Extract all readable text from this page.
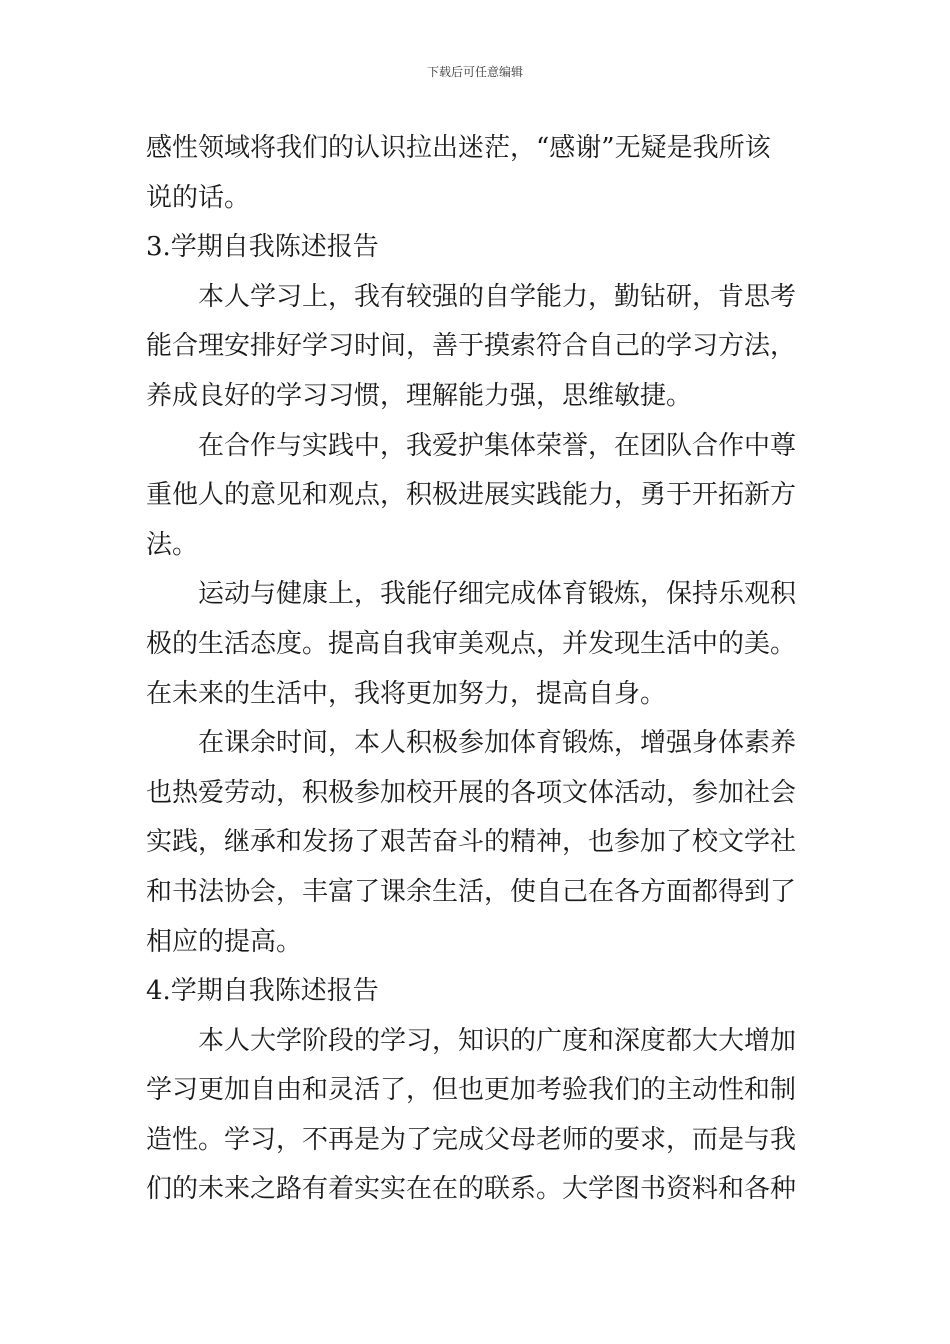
下载后可任意编辑
感性领域将我们的认识拉出迷茫，“感谢”无疑是我所该
说的话。
3.学期自我陈述报告
本人学习上，我有较强的自学能力，勤钻研，肯思考
能合理安排好学习时间，善于摸索符合自己的学习方法，
养成良好的学习习惯，理解能力强，思维敏捷。
在合作与实践中，我爱护集体荣誉，在团队合作中尊
重他人的意见和观点，积极进展实践能力，勇于开拓新方
法。
运动与健康上，我能仔细完成体育锻炼，保持乐观积
极的生活态度。提高自我审美观点，并发现生活中的美。
在未来的生活中，我将更加努力，提高自身。
在课余时间，本人积极参加体育锻炼，增强身体素养
也热爱劳动，积极参加校开展的各项文体活动，参加社会
实践，继承和发扬了艰苦奋斗的精神，也参加了校文学社
和书法协会，丰富了课余生活，使自己在各方面都得到了
相应的提高。
4.学期自我陈述报告
本人大学阶段的学习，知识的广度和深度都大大增加
学习更加自由和灵活了，但也更加考验我们的主动性和制
造性。学习，不再是为了完成父母老师的要求，而是与我
们的未来之路有着实实在在的联系。大学图书资料和各种
